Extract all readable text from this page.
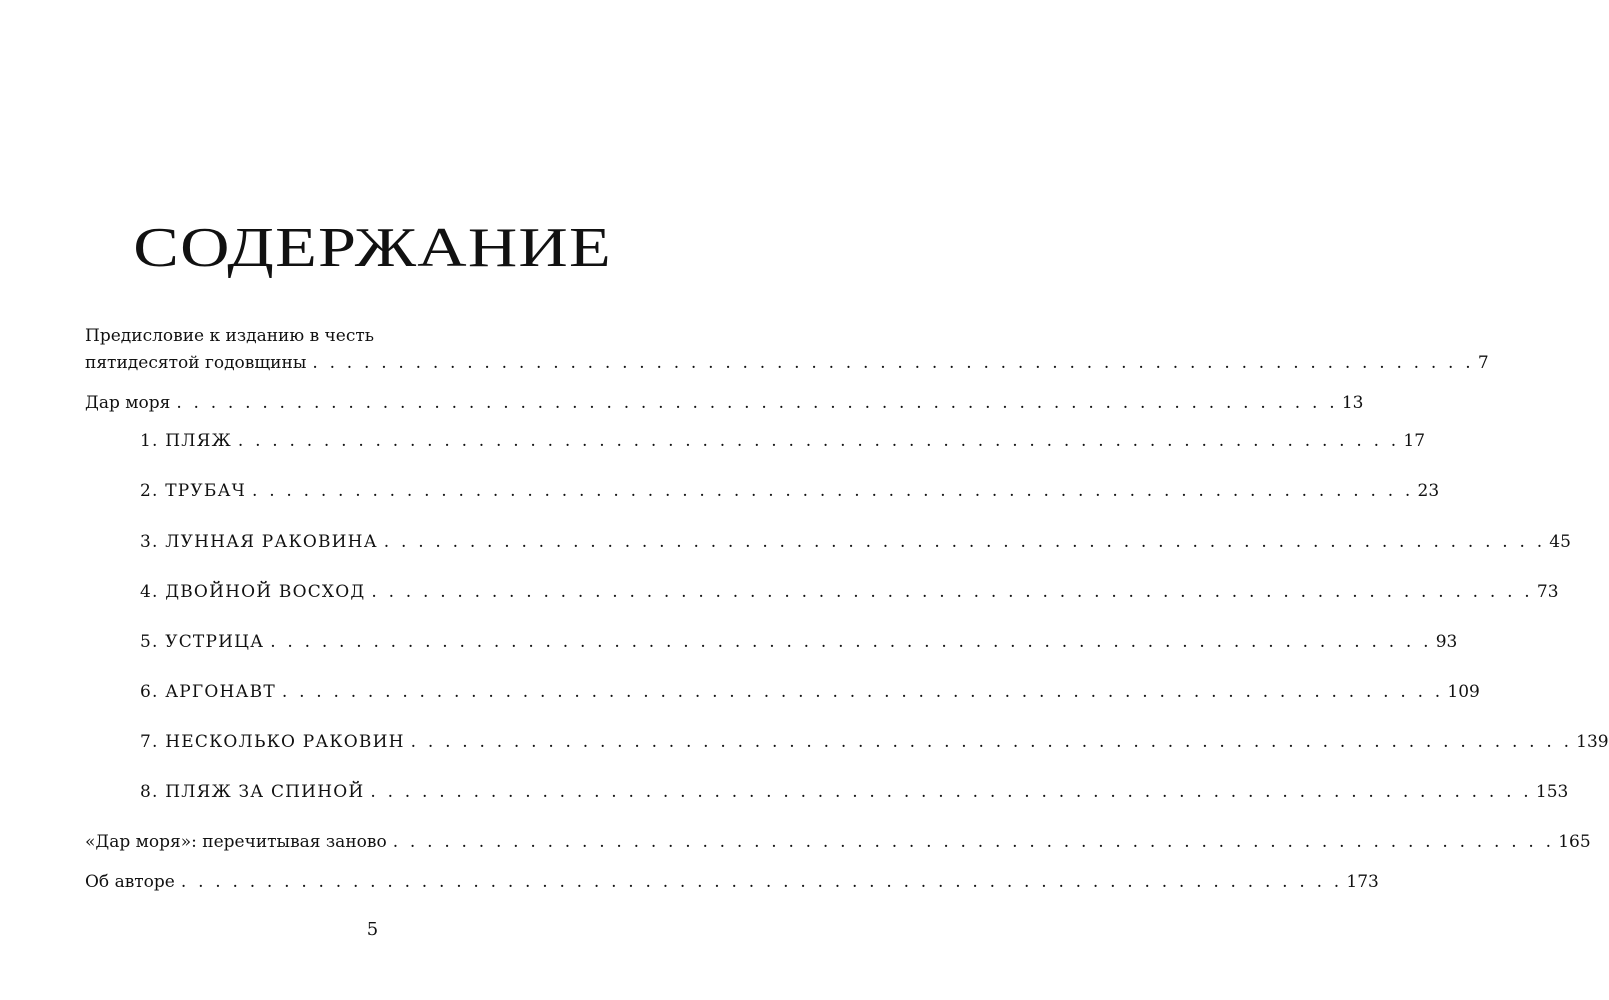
СОДЕРЖАНИЕ
Предисловие к изданию в честь
пятидесятой годовщины . . . . . . . . . . . . . . . . . . . . . . . . . . . . . . . . . . . . . . . . . . . . . . . . . . . . . . . . . . . . . . . . . . . . 7
Дар моря . . . . . . . . . . . . . . . . . . . . . . . . . . . . . . . . . . . . . . . . . . . . . . . . . . . . . . . . . . . . . . . . . . . . 13
1. ПЛЯЖ . . . . . . . . . . . . . . . . . . . . . . . . . . . . . . . . . . . . . . . . . . . . . . . . . . . . . . . . . . . . . . . . . . . . 17
2. ТРУБАЧ . . . . . . . . . . . . . . . . . . . . . . . . . . . . . . . . . . . . . . . . . . . . . . . . . . . . . . . . . . . . . . . . . . . . 23
3. ЛУННАЯ РАКОВИНА . . . . . . . . . . . . . . . . . . . . . . . . . . . . . . . . . . . . . . . . . . . . . . . . . . . . . . . . . . . . . . . . . . . . 45
4. ДВОЙНОЙ ВОСХОД . . . . . . . . . . . . . . . . . . . . . . . . . . . . . . . . . . . . . . . . . . . . . . . . . . . . . . . . . . . . . . . . . . . . 73
5. УСТРИЦА . . . . . . . . . . . . . . . . . . . . . . . . . . . . . . . . . . . . . . . . . . . . . . . . . . . . . . . . . . . . . . . . . . . . 93
6. АРГОНАВТ . . . . . . . . . . . . . . . . . . . . . . . . . . . . . . . . . . . . . . . . . . . . . . . . . . . . . . . . . . . . . . . . . . . . 109
7. НЕСКОЛЬКО РАКОВИН . . . . . . . . . . . . . . . . . . . . . . . . . . . . . . . . . . . . . . . . . . . . . . . . . . . . . . . . . . . . . . . . . . . . 139
8. ПЛЯЖ ЗА СПИНОЙ . . . . . . . . . . . . . . . . . . . . . . . . . . . . . . . . . . . . . . . . . . . . . . . . . . . . . . . . . . . . . . . . . . . . 153
«Дар моря»: перечитывая заново . . . . . . . . . . . . . . . . . . . . . . . . . . . . . . . . . . . . . . . . . . . . . . . . . . . . . . . . . . . . . . . . . . . . 165
Об авторе . . . . . . . . . . . . . . . . . . . . . . . . . . . . . . . . . . . . . . . . . . . . . . . . . . . . . . . . . . . . . . . . . . . . 173
5
